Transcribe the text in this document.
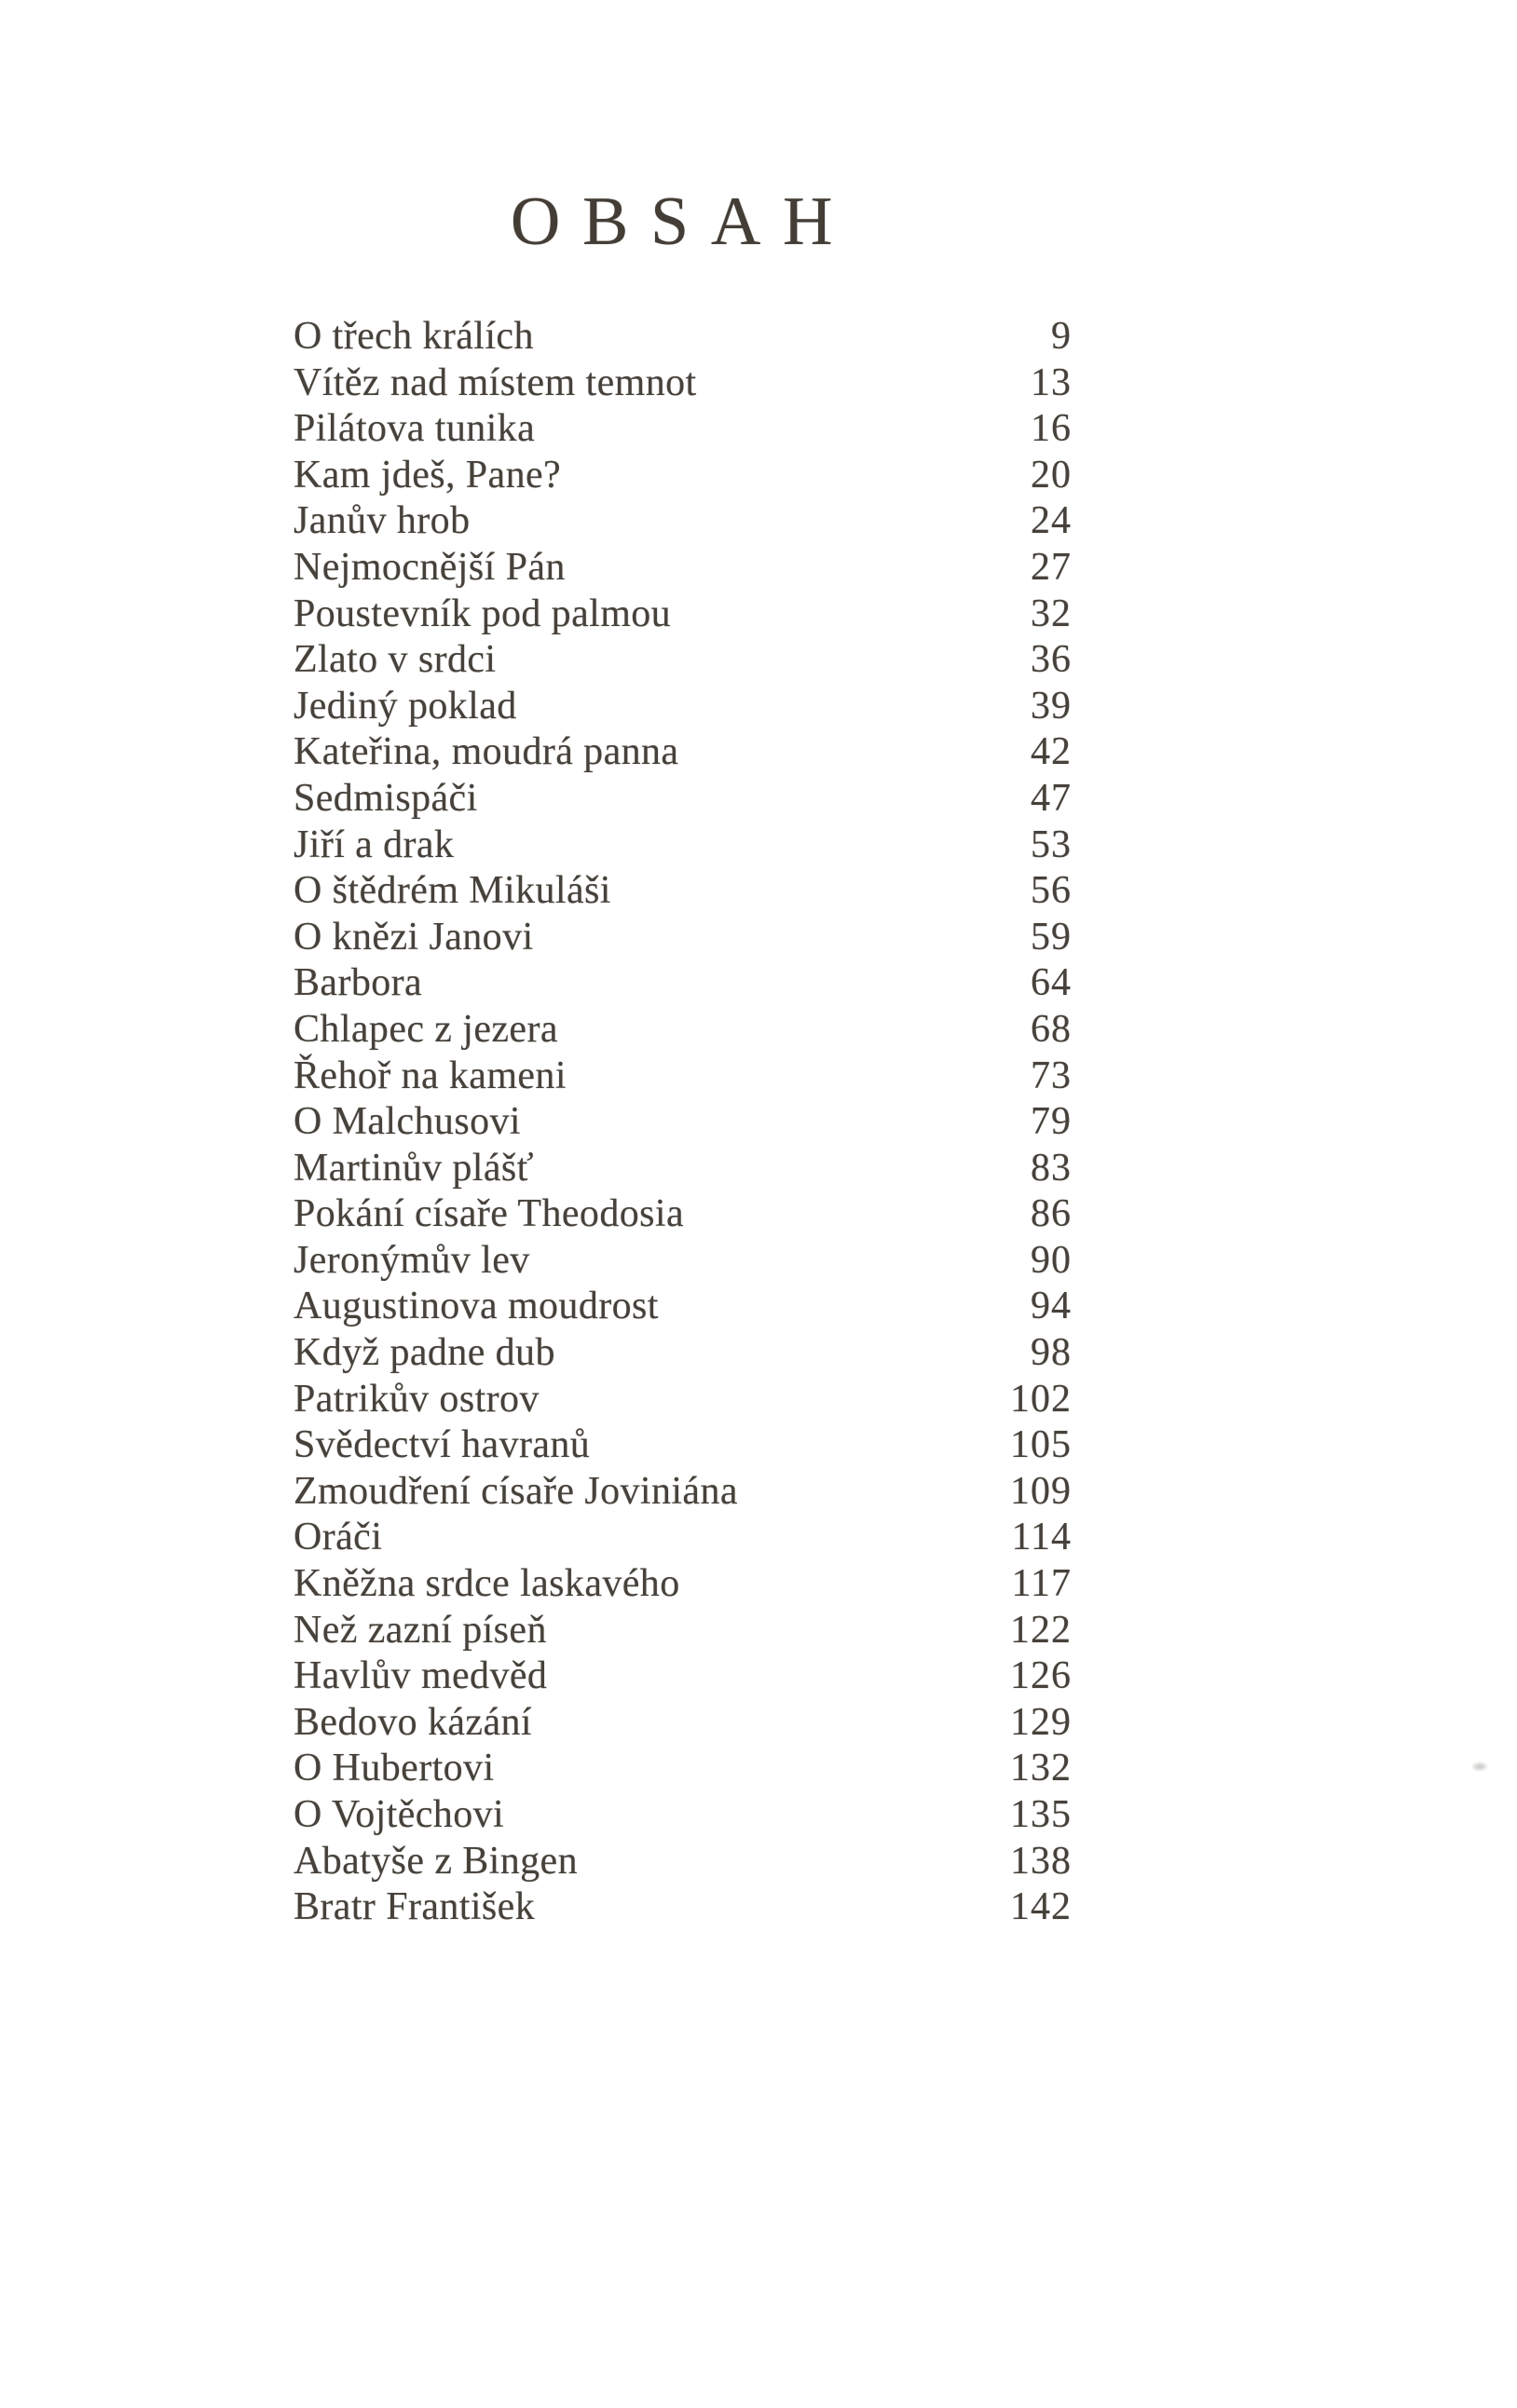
OBSAH
O třech králích	9
Vítěz nad místem temnot	13
Pilátova tunika	16
Kam jdeš, Pane?	20
Janův hrob	24
Nejmocnější Pán	27
Poustevník pod palmou	32
Zlato v srdci	36
Jediný poklad	39
Kateřina, moudrá panna	42
Sedmispáči	47
Jiří a drak	53
O štědrém Mikuláši	56
O knězi Janovi	59
Barbora	64
Chlapec z jezera	68
Řehoř na kameni	73
O Malchusovi	79
Martinův plášť	83
Pokání císaře Theodosia	86
Jeronýmův lev	90
Augustinova moudrost	94
Když padne dub	98
Patrikův ostrov	102
Svědectví havranů	105
Zmoudření císaře Joviniána	109
Oráči	114
Kněžna srdce laskavého	117
Než zazní píseň	122
Havlův medvěd	126
Bedovo kázání	129
O Hubertovi	132
O Vojtěchovi	135
Abatyše z Bingen	138
Bratr František	142
